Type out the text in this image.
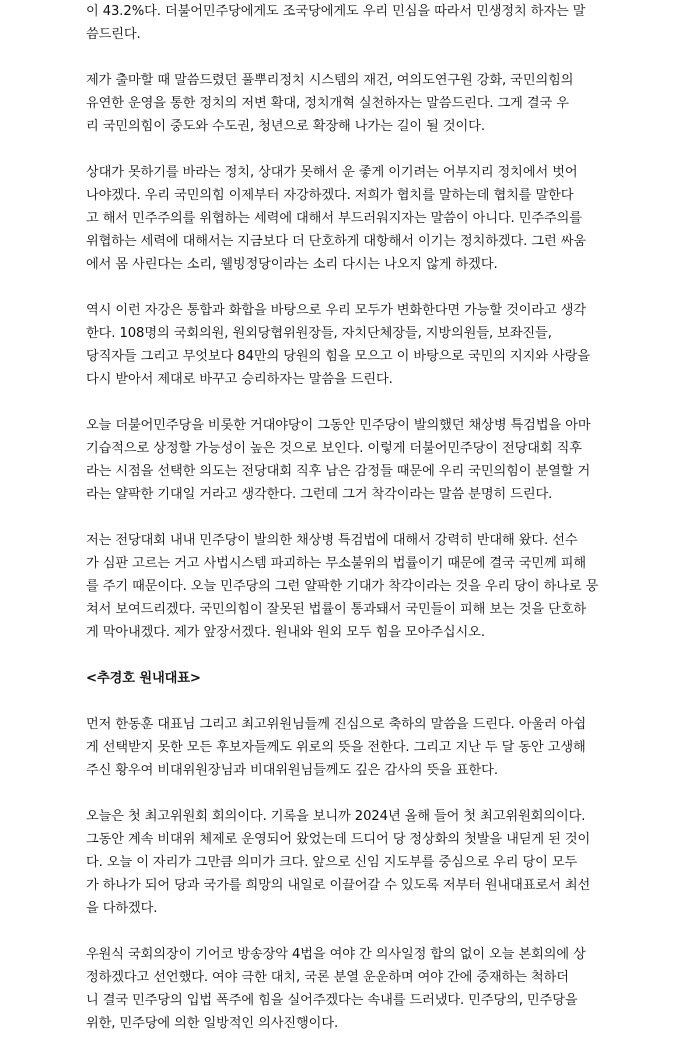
이 43.2%다. 더불어민주당에게도 조국당에게도 우리 민심을 따라서 민생정치 하자는 말
씀드린다.
제가 출마할 때 말씀드렸던 풀뿌리정치 시스템의 재건, 여의도연구원 강화, 국민의힘의
유연한 운영을 통한 정치의 저변 확대, 정치개혁 실천하자는 말씀드린다. 그게 결국 우
리 국민의힘이 중도와 수도권, 청년으로 확장해 나가는 길이 될 것이다.
상대가 못하기를 바라는 정치, 상대가 못해서 운 좋게 이기려는 어부지리 정치에서 벗어
나야겠다. 우리 국민의힘 이제부터 자강하겠다. 저희가 협치를 말하는데 협치를 말한다
고 해서 민주주의를 위협하는 세력에 대해서 부드러워지자는 말씀이 아니다. 민주주의를
위협하는 세력에 대해서는 지금보다 더 단호하게 대항해서 이기는 정치하겠다. 그런 싸움
에서 몸 사린다는 소리, 웰빙정당이라는 소리 다시는 나오지 않게 하겠다.
역시 이런 자강은 통합과 화합을 바탕으로 우리 모두가 변화한다면 가능할 것이라고 생각
한다. 108명의 국회의원, 원외당협위원장들, 자치단체장들, 지방의원들, 보좌진들,
당직자들 그리고 무엇보다 84만의 당원의 힘을 모으고 이 바탕으로 국민의 지지와 사랑을
다시 받아서 제대로 바꾸고 승리하자는 말씀을 드린다.
오늘 더불어민주당을 비롯한 거대야당이 그동안 민주당이 발의했던 채상병 특검법을 아마
기습적으로 상정할 가능성이 높은 것으로 보인다. 이렇게 더불어민주당이 전당대회 직후
라는 시점을 선택한 의도는 전당대회 직후 남은 감정들 때문에 우리 국민의힘이 분열할 거
라는 얄팍한 기대일 거라고 생각한다. 그런데 그거 착각이라는 말씀 분명히 드린다.
저는 전당대회 내내 민주당이 발의한 채상병 특검법에 대해서 강력히 반대해 왔다. 선수
가 심판 고르는 거고 사법시스템 파괴하는 무소불위의 법률이기 때문에 결국 국민께 피해
를 주기 때문이다. 오늘 민주당의 그런 얄팍한 기대가 착각이라는 것을 우리 당이 하나로 뭉
쳐서 보여드리겠다. 국민의힘이 잘못된 법률이 통과돼서 국민들이 피해 보는 것을 단호하
게 막아내겠다. 제가 앞장서겠다. 원내와 원외 모두 힘을 모아주십시오.
<추경호 원내대표>
먼저 한동훈 대표님 그리고 최고위원님들께 진심으로 축하의 말씀을 드린다. 아울러 아쉽
게 선택받지 못한 모든 후보자들께도 위로의 뜻을 전한다. 그리고 지난 두 달 동안 고생해
주신 황우여 비대위원장님과 비대위원님들께도 깊은 감사의 뜻을 표한다.
오늘은 첫 최고위원회 회의이다. 기록을 보니까 2024년 올해 들어 첫 최고위원회의이다.
그동안 계속 비대위 체제로 운영되어 왔었는데 드디어 당 정상화의 첫발을 내딛게 된 것이
다. 오늘 이 자리가 그만큼 의미가 크다. 앞으로 신임 지도부를 중심으로 우리 당이 모두
가 하나가 되어 당과 국가를 희망의 내일로 이끌어갈 수 있도록 저부터 원내대표로서 최선
을 다하겠다.
우원식 국회의장이 기어코 방송장악 4법을 여야 간 의사일정 합의 없이 오늘 본회의에 상
정하겠다고 선언했다. 여야 극한 대치, 국론 분열 운운하며 여야 간에 중재하는 척하더
니 결국 민주당의 입법 폭주에 힘을 실어주겠다는 속내를 드러냈다. 민주당의, 민주당을
위한, 민주당에 의한 일방적인 의사진행이다.
